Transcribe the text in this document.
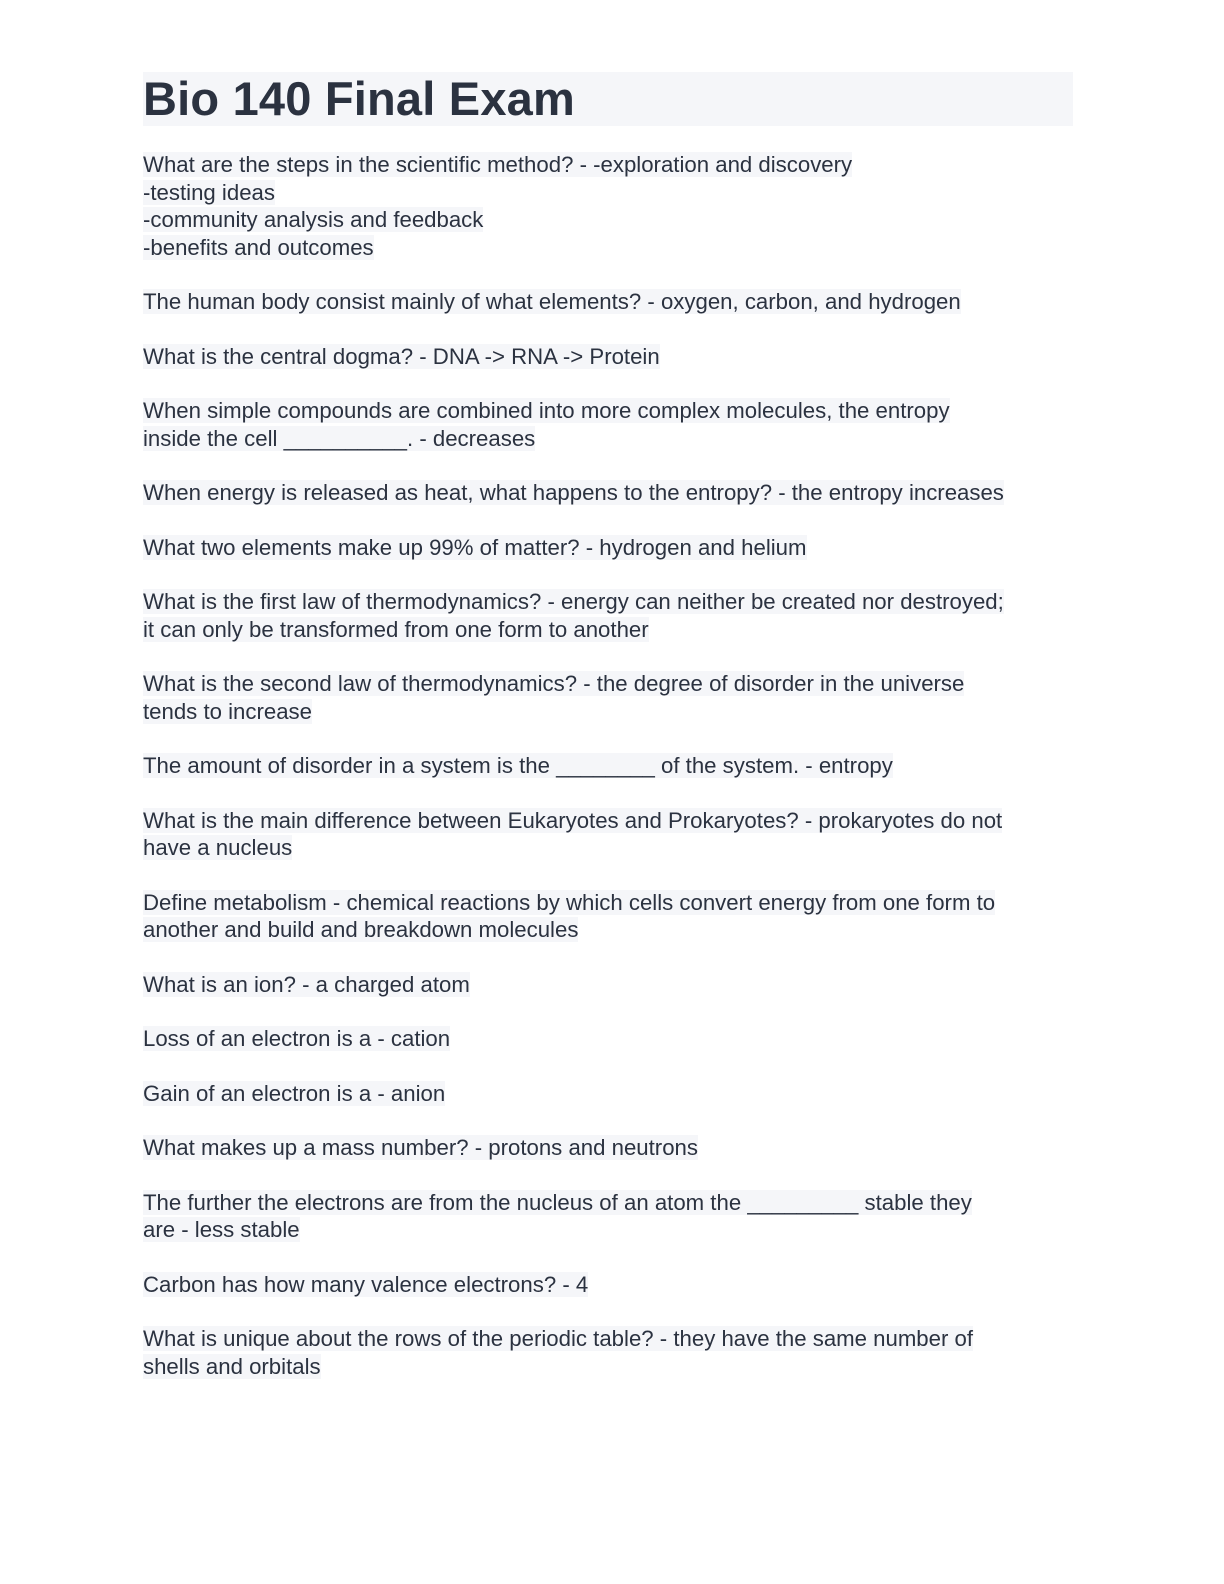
Bio 140 Final Exam

What are the steps in the scientific method? - -exploration and discovery
-testing ideas
-community analysis and feedback
-benefits and outcomes

The human body consist mainly of what elements? - oxygen, carbon, and hydrogen

What is the central dogma? - DNA -> RNA -> Protein

When simple compounds are combined into more complex molecules, the entropy
inside the cell __________. - decreases

When energy is released as heat, what happens to the entropy? - the entropy increases

What two elements make up 99% of matter? - hydrogen and helium

What is the first law of thermodynamics? - energy can neither be created nor destroyed;
it can only be transformed from one form to another

What is the second law of thermodynamics? - the degree of disorder in the universe
tends to increase

The amount of disorder in a system is the ________ of the system. - entropy

What is the main difference between Eukaryotes and Prokaryotes? - prokaryotes do not
have a nucleus

Define metabolism - chemical reactions by which cells convert energy from one form to
another and build and breakdown molecules

What is an ion? - a charged atom

Loss of an electron is a - cation

Gain of an electron is a - anion

What makes up a mass number? - protons and neutrons

The further the electrons are from the nucleus of an atom the _________ stable they
are - less stable

Carbon has how many valence electrons? - 4

What is unique about the rows of the periodic table? - they have the same number of
shells and orbitals
